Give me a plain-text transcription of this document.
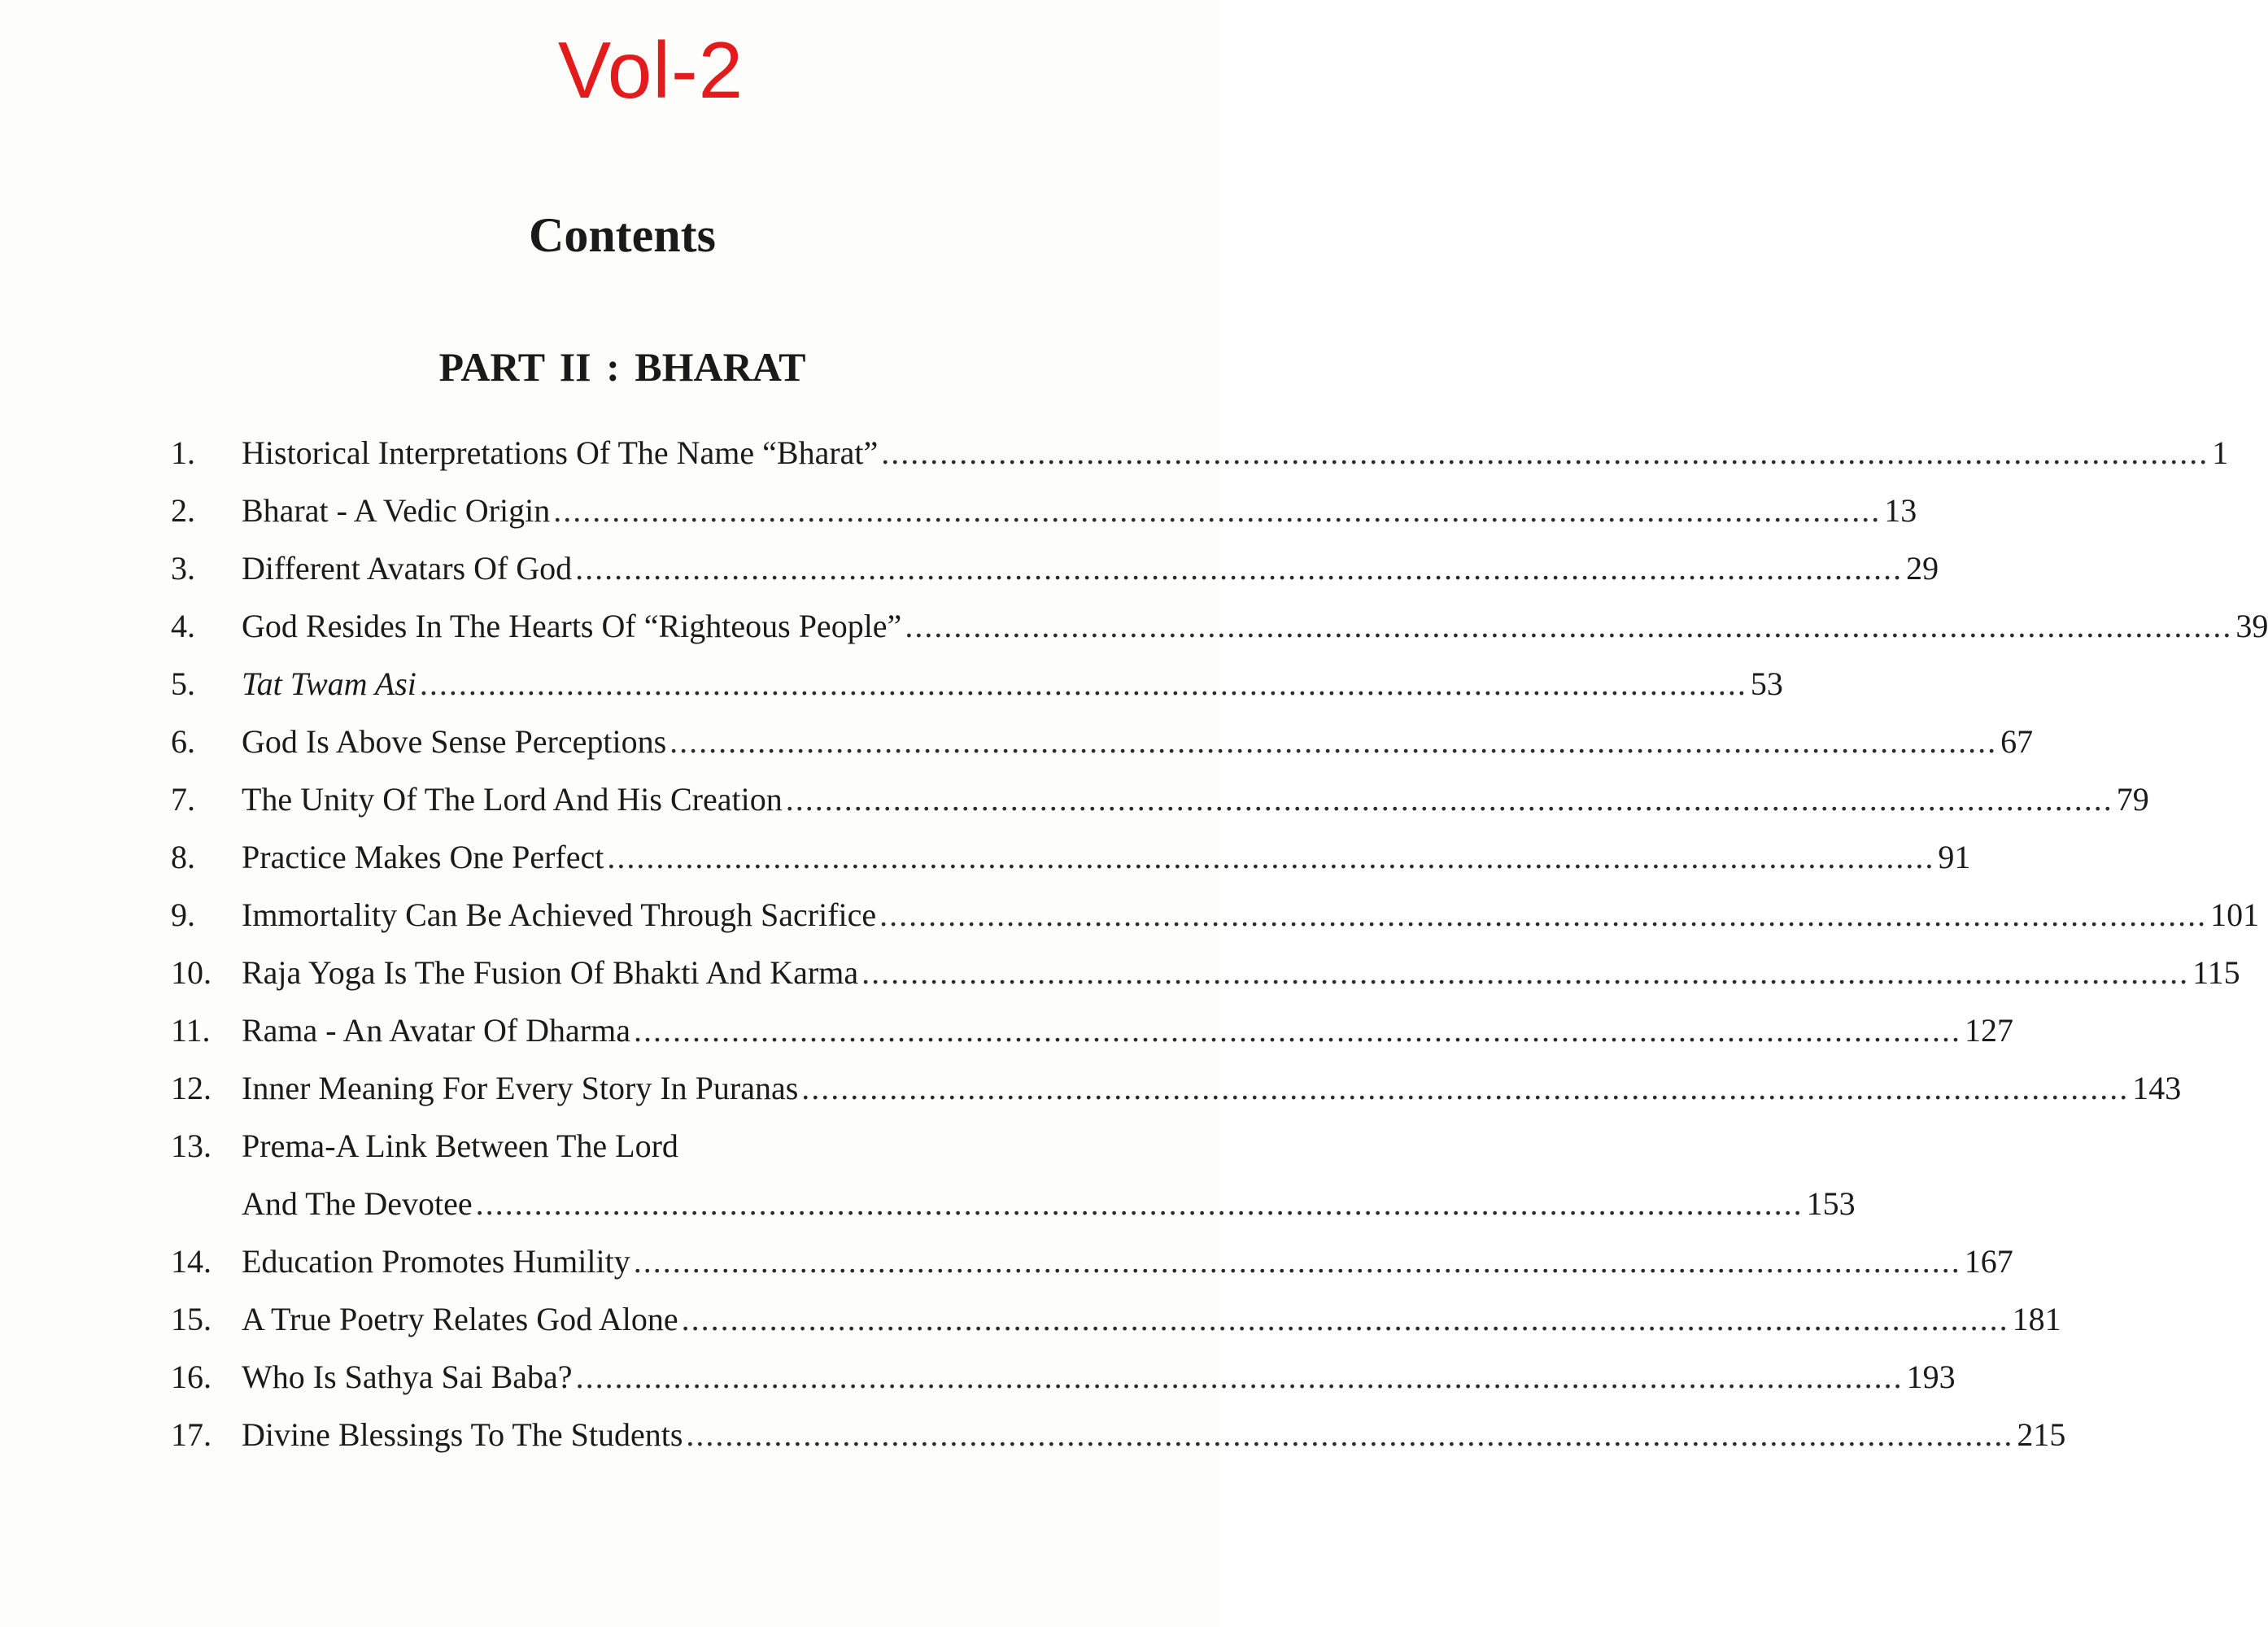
Vol-2
Contents
PART II : BHARAT
1.	Historical Interpretations Of The Name “Bharat” .....	1
2.	Bharat - A Vedic Origin .....	13
3.	Different Avatars Of God .....	29
4.	God Resides In The Hearts Of “Righteous People” .....	39
5.	Tat Twam Asi .....	53
6.	God Is Above Sense Perceptions .....	67
7.	The Unity Of The Lord And His Creation .....	79
8.	Practice Makes One Perfect .....	91
9.	Immortality Can Be Achieved Through Sacrifice .....	101
10. Raja Yoga Is The Fusion Of Bhakti And Karma .....	115
11. Rama - An Avatar Of Dharma .....	127
12. Inner Meaning For Every Story In Puranas .....	143
13. Prema-A Link Between The Lord
And The Devotee .....	153
14. Education Promotes Humility .....	167
15. A True Poetry Relates God Alone .....	181
16. Who Is Sathya Sai Baba? .....	193
17. Divine Blessings To The Students .....	215
